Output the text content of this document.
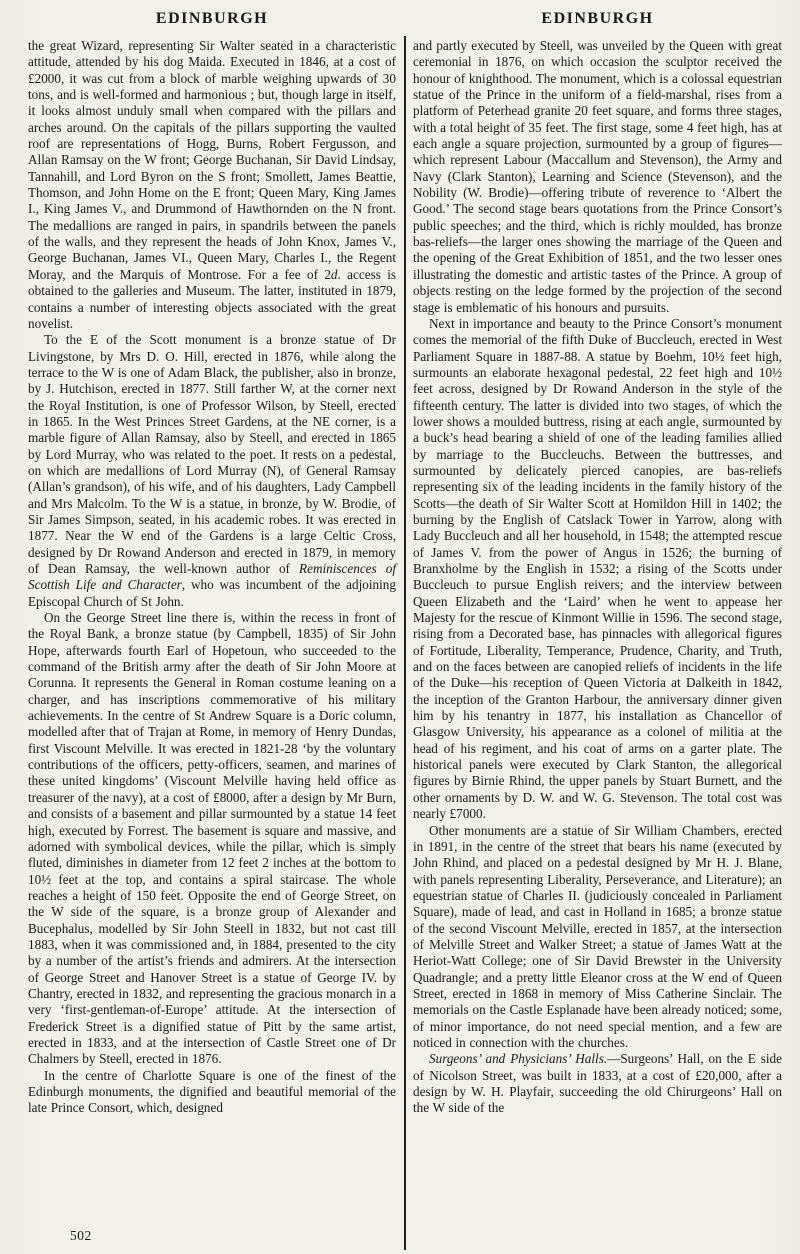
EDINBURGH

the great Wizard, representing Sir Walter seated in a characteristic attitude, attended by his dog Maida. Executed in 1846, at a cost of £2000, it was cut from a block of marble weighing upwards of 30 tons, and is well-formed and harmonious ; but, though large in itself, it looks almost unduly small when compared with the pillars and arches around. On the capitals of the pillars supporting the vaulted roof are representations of Hogg, Burns, Robert Fergusson, and Allan Ramsay on the W front; George Buchanan, Sir David Lindsay, Tannahill, and Lord Byron on the S front; Smollett, James Beattie, Thomson, and John Home on the E front; Queen Mary, King James I., King James V., and Drummond of Hawthornden on the N front. The medallions are ranged in pairs, in spandrils between the panels of the walls, and they represent the heads of John Knox, James V., George Buchanan, James VI., Queen Mary, Charles I., the Regent Moray, and the Marquis of Montrose. For a fee of 2d. access is obtained to the galleries and Museum. The latter, instituted in 1879, contains a number of interesting objects associated with the great novelist.

To the E of the Scott monument is a bronze statue of Dr Livingstone, by Mrs D. O. Hill, erected in 1876, while along the terrace to the W is one of Adam Black, the publisher, also in bronze, by J. Hutchison, erected in 1877. Still farther W, at the corner next the Royal Institution, is one of Professor Wilson, by Steell, erected in 1865. In the West Princes Street Gardens, at the NE corner, is a marble figure of Allan Ramsay, also by Steell, and erected in 1865 by Lord Murray, who was related to the poet. It rests on a pedestal, on which are medallions of Lord Murray (N), of General Ramsay (Allan’s grandson), of his wife, and of his daughters, Lady Campbell and Mrs Malcolm. To the W is a statue, in bronze, by W. Brodie, of Sir James Simpson, seated, in his academic robes. It was erected in 1877. Near the W end of the Gardens is a large Celtic Cross, designed by Dr Rowand Anderson and erected in 1879, in memory of Dean Ramsay, the well-known author of Reminiscences of Scottish Life and Character, who was incumbent of the adjoining Episcopal Church of St John.

On the George Street line there is, within the recess in front of the Royal Bank, a bronze statue (by Campbell, 1835) of Sir John Hope, afterwards fourth Earl of Hopetoun, who succeeded to the command of the British army after the death of Sir John Moore at Corunna. It represents the General in Roman costume leaning on a charger, and has inscriptions commemorative of his military achievements. In the centre of St Andrew Square is a Doric column, modelled after that of Trajan at Rome, in memory of Henry Dundas, first Viscount Melville. It was erected in 1821-28 ‘by the voluntary contributions of the officers, petty-officers, seamen, and marines of these united kingdoms’ (Viscount Melville having held office as treasurer of the navy), at a cost of £8000, after a design by Mr Burn, and consists of a basement and pillar surmounted by a statue 14 feet high, executed by Forrest. The basement is square and massive, and adorned with symbolical devices, while the pillar, which is simply fluted, diminishes in diameter from 12 feet 2 inches at the bottom to 10½ feet at the top, and contains a spiral staircase. The whole reaches a height of 150 feet. Opposite the end of George Street, on the W side of the square, is a bronze group of Alexander and Bucephalus, modelled by Sir John Steell in 1832, but not cast till 1883, when it was commissioned and, in 1884, presented to the city by a number of the artist’s friends and admirers. At the intersection of George Street and Hanover Street is a statue of George IV. by Chantry, erected in 1832, and representing the gracious monarch in a very ‘first-gentleman-of-Europe’ attitude. At the intersection of Frederick Street is a dignified statue of Pitt by the same artist, erected in 1833, and at the intersection of Castle Street one of Dr Chalmers by Steell, erected in 1876.

In the centre of Charlotte Square is one of the finest of the Edinburgh monuments, the dignified and beautiful memorial of the late Prince Consort, which, designed

EDINBURGH

and partly executed by Steell, was unveiled by the Queen with great ceremonial in 1876, on which occasion the sculptor received the honour of knighthood. The monument, which is a colossal equestrian statue of the Prince in the uniform of a field-marshal, rises from a platform of Peterhead granite 20 feet square, and forms three stages, with a total height of 35 feet. The first stage, some 4 feet high, has at each angle a square projection, surmounted by a group of figures—which represent Labour (Maccallum and Stevenson), the Army and Navy (Clark Stanton), Learning and Science (Stevenson), and the Nobility (W. Brodie)—offering tribute of reverence to ‘Albert the Good.’ The second stage bears quotations from the Prince Consort’s public speeches; and the third, which is richly moulded, has bronze bas-reliefs—the larger ones showing the marriage of the Queen and the opening of the Great Exhibition of 1851, and the two lesser ones illustrating the domestic and artistic tastes of the Prince. A group of objects resting on the ledge formed by the projection of the second stage is emblematic of his honours and pursuits.

Next in importance and beauty to the Prince Consort’s monument comes the memorial of the fifth Duke of Buccleuch, erected in West Parliament Square in 1887-88. A statue by Boehm, 10½ feet high, surmounts an elaborate hexagonal pedestal, 22 feet high and 10½ feet across, designed by Dr Rowand Anderson in the style of the fifteenth century. The latter is divided into two stages, of which the lower shows a moulded buttress, rising at each angle, surmounted by a buck’s head bearing a shield of one of the leading families allied by marriage to the Buccleuchs. Between the buttresses, and surmounted by delicately pierced canopies, are bas-reliefs representing six of the leading incidents in the family history of the Scotts—the death of Sir Walter Scott at Homildon Hill in 1402; the burning by the English of Catslack Tower in Yarrow, along with Lady Buccleuch and all her household, in 1548; the attempted rescue of James V. from the power of Angus in 1526; the burning of Branxholme by the English in 1532; a rising of the Scotts under Buccleuch to pursue English reivers; and the interview between Queen Elizabeth and the ‘Laird’ when he went to appease her Majesty for the rescue of Kinmont Willie in 1596. The second stage, rising from a Decorated base, has pinnacles with allegorical figures of Fortitude, Liberality, Temperance, Prudence, Charity, and Truth, and on the faces between are canopied reliefs of incidents in the life of the Duke—his reception of Queen Victoria at Dalkeith in 1842, the inception of the Granton Harbour, the anniversary dinner given him by his tenantry in 1877, his installation as Chancellor of Glasgow University, his appearance as a colonel of militia at the head of his regiment, and his coat of arms on a garter plate. The historical panels were executed by Clark Stanton, the allegorical figures by Birnie Rhind, the upper panels by Stuart Burnett, and the other ornaments by D. W. and W. G. Stevenson. The total cost was nearly £7000.

Other monuments are a statue of Sir William Chambers, erected in 1891, in the centre of the street that bears his name (executed by John Rhind, and placed on a pedestal designed by Mr H. J. Blane, with panels representing Liberality, Perseverance, and Literature); an equestrian statue of Charles II. (judiciously concealed in Parliament Square), made of lead, and cast in Holland in 1685; a bronze statue of the second Viscount Melville, erected in 1857, at the intersection of Melville Street and Walker Street; a statue of James Watt at the Heriot-Watt College; one of Sir David Brewster in the University Quadrangle; and a pretty little Eleanor cross at the W end of Queen Street, erected in 1868 in memory of Miss Catherine Sinclair. The memorials on the Castle Esplanade have been already noticed; some, of minor importance, do not need special mention, and a few are noticed in connection with the churches.

Surgeons’ and Physicians’ Halls.—Surgeons’ Hall, on the E side of Nicolson Street, was built in 1833, at a cost of £20,000, after a design by W. H. Playfair, succeeding the old Chirurgeons’ Hall on the W side of the

502
